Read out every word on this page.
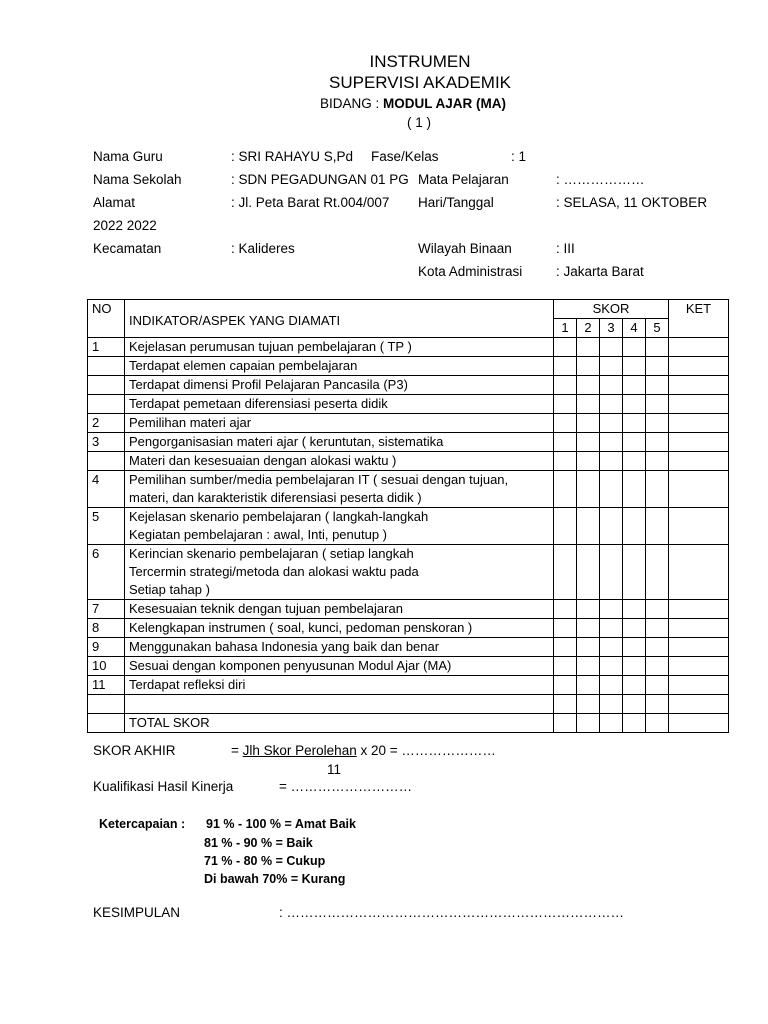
INSTRUMEN
SUPERVISI AKADEMIK
BIDANG : MODUL AJAR (MA)
( 1 )
Nama Guru	: SRI RAHAYU S,Pd Fase/Kelas	: 1
Nama Sekolah	: SDN PEGADUNGAN 01 PG Mata Pelajaran	: ………………
Alamat	: Jl. Peta Barat Rt.004/007 Hari/Tanggal	: SELASA, 11 OKTOBER
2022 2022
Kecamatan	: Kalideres	Wilayah Binaan	: III
Kota Administrasi : Jakarta Barat
NO	INDIKATOR/ASPEK YANG DIAMATI	SKOR					KET
		1	2	3	4	5	
1	Kejelasan perumusan tujuan pembelajaran ( TP )						

	Terdapat elemen capaian pembelajaran						

	Terdapat dimensi Profil Pelajaran Pancasila (P3)						

	Terdapat pemetaan diferensiasi peserta didik						

2	Pemilihan materi ajar						

3	Pengorganisasian materi ajar ( keruntutan, sistematika						

	Materi dan kesesuaian dengan alokasi waktu )						

4	Pemilihan sumber/media pembelajaran IT ( sesuai dengan tujuan,
materi, dan karakteristik diferensiasi peserta didik )						

5	Kejelasan skenario pembelajaran ( langkah-langkah
Kegiatan pembelajaran : awal, Inti, penutup )						

6	Kerincian skenario pembelajaran ( setiap langkah
Tercermin strategi/metoda dan alokasi waktu pada
Setiap tahap )						

7	Kesesuaian teknik dengan tujuan pembelajaran						

8	Kelengkapan instrumen ( soal, kunci, pedoman penskoran )						

9	Menggunakan bahasa Indonesia yang baik dan benar						

10	Sesuai dengan komponen penyusunan Modul Ajar (MA)						

11	Terdapat refleksi diri						

	TOTAL SKOR						

SKOR AKHIR	= Jlh Skor Perolehan x 20 = …………………
11
Kualifikasi Hasil Kinerja	= ………………………
Ketercapaian : 91 % - 100 % = Amat Baik
81 % - 90 % = Baik
71 % - 80 % = Cukup
Di bawah 70% = Kurang
KESIMPULAN	: …………………………………………………………………
